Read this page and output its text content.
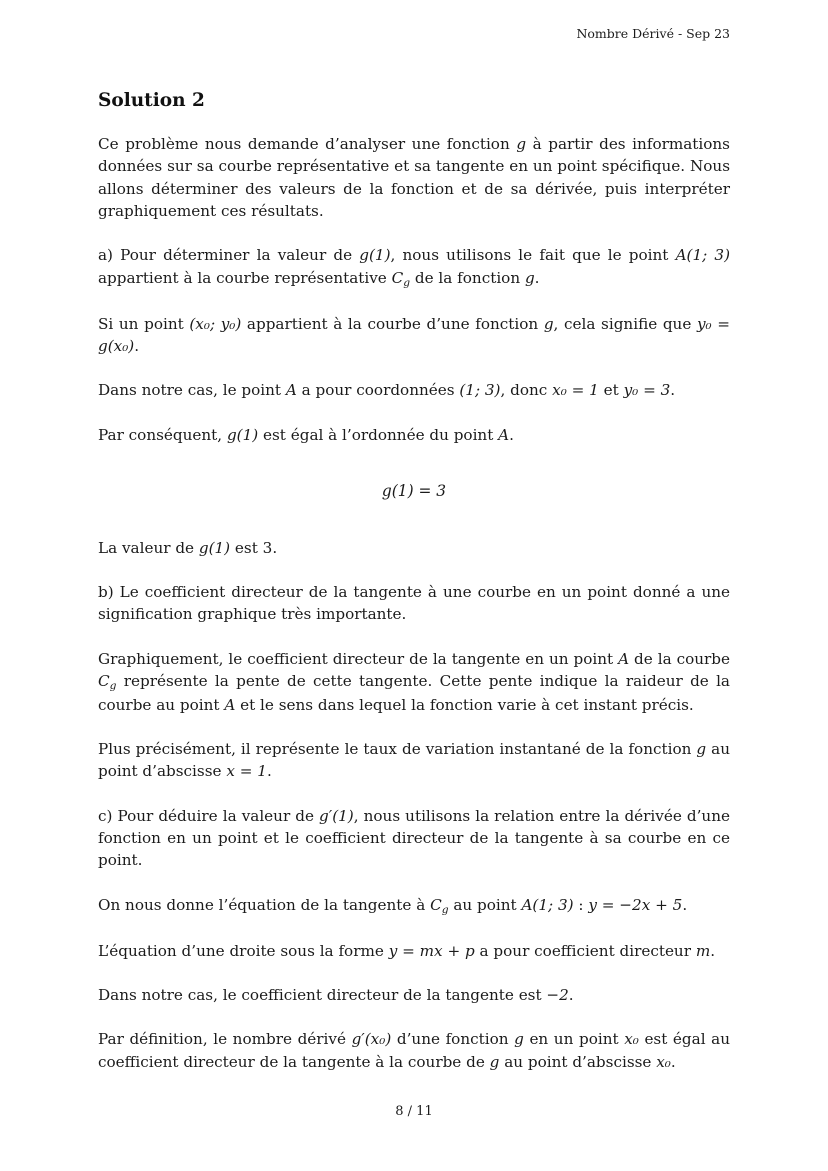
Nombre Dérivé - Sep 23
Solution 2

Ce problème nous demande d’analyser une fonction g à partir des informations données sur sa courbe représentative et sa tangente en un point spécifique. Nous allons déterminer des valeurs de la fonction et de sa dérivée, puis interpréter graphiquement ces résultats.

a) Pour déterminer la valeur de g(1), nous utilisons le fait que le point A(1; 3) appartient à la courbe représentative $C_g$ de la fonction g.

Si un point (x₀; y₀) appartient à la courbe d’une fonction g, cela signifie que y₀ = g(x₀).

Dans notre cas, le point A a pour coordonnées (1; 3), donc x₀ = 1 et y₀ = 3.

Par conséquent, g(1) est égal à l’ordonnée du point A.

g(1) = 3

La valeur de g(1) est 3.

b) Le coefficient directeur de la tangente à une courbe en un point donné a une signification graphique très importante.

Graphiquement, le coefficient directeur de la tangente en un point A de la courbe $C_g$ représente la pente de cette tangente. Cette pente indique la raideur de la courbe au point A et le sens dans lequel la fonction varie à cet instant précis.

Plus précisément, il représente le taux de variation instantané de la fonction g au point d’abscisse x = 1.

c) Pour déduire la valeur de g′(1), nous utilisons la relation entre la dérivée d’une fonction en un point et le coefficient directeur de la tangente à sa courbe en ce point.

On nous donne l’équation de la tangente à $C_g$ au point A(1; 3) : y = −2x + 5.

L’équation d’une droite sous la forme y = mx + p a pour coefficient directeur m.

Dans notre cas, le coefficient directeur de la tangente est −2.

Par définition, le nombre dérivé g′(x₀) d’une fonction g en un point x₀ est égal au coefficient directeur de la tangente à la courbe de g au point d’abscisse x₀.

8 / 11
